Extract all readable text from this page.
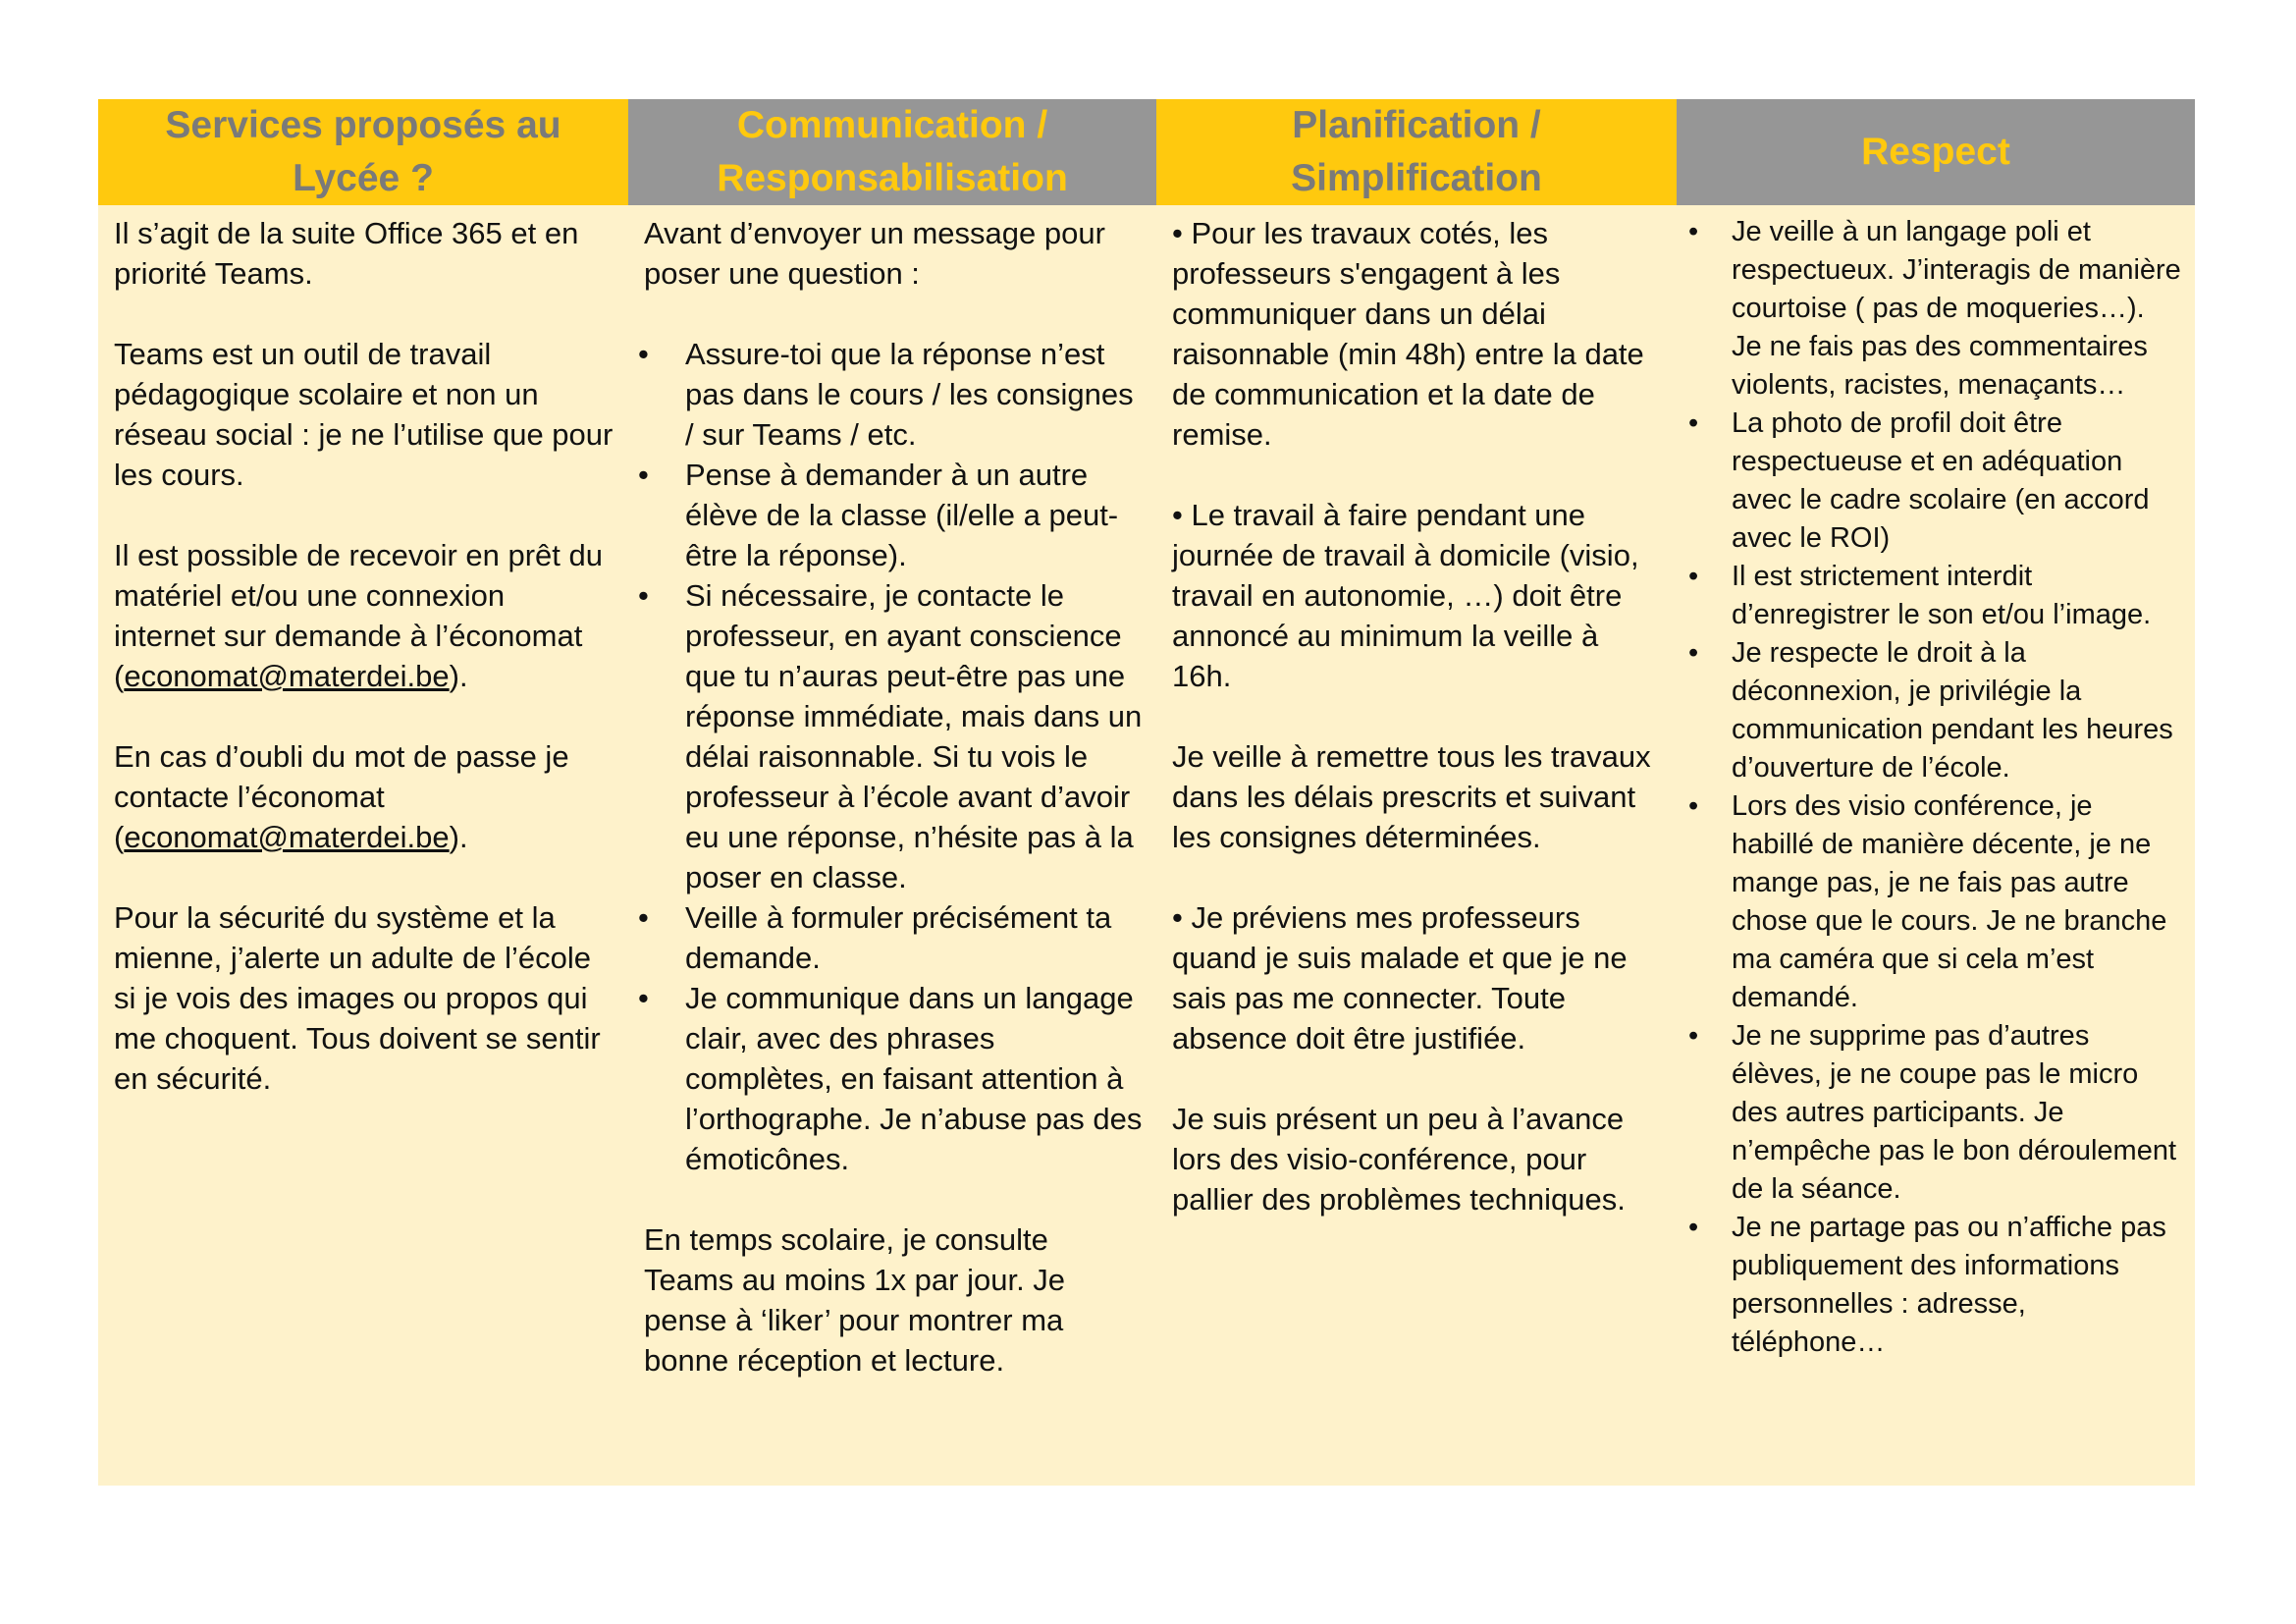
Services proposés au
Lycée ?
Communication /
Responsabilisation
Planification /
Simplification
Respect

Il s’agit de la suite Office 365 et en priorité Teams.

Teams est un outil de travail pédagogique scolaire et non un réseau social : je ne l’utilise que pour les cours.

Il est possible de recevoir en prêt du matériel et/ou une connexion internet sur demande à l’économat (economat@materdei.be).

En cas d’oubli du mot de passe je contacte l’économat (economat@materdei.be).

Pour la sécurité du système et la mienne, j’alerte un adulte de l’école si je vois des images ou propos qui me choquent. Tous doivent se sentir en sécurité.

Avant d’envoyer un message pour poser une question :

• Assure-toi que la réponse n’est pas dans le cours / les consignes / sur Teams / etc.
• Pense à demander à un autre élève de la classe (il/elle a peut-être la réponse).
• Si nécessaire, je contacte le professeur, en ayant conscience que tu n’auras peut-être pas une réponse immédiate, mais dans un délai raisonnable. Si tu vois le professeur à l’école avant d’avoir eu une réponse, n’hésite pas à la poser en classe.
• Veille à formuler précisément ta demande.
• Je communique dans un langage clair, avec des phrases complètes, en faisant attention à l’orthographe. Je n’abuse pas des émoticônes.

En temps scolaire, je consulte Teams au moins 1x par jour. Je pense à ‘liker’ pour montrer ma bonne réception et lecture.

• Pour les travaux cotés, les professeurs s'engagent à les communiquer dans un délai raisonnable (min 48h) entre la date de communication et la date de remise.

• Le travail à faire pendant une journée de travail à domicile (visio, travail en autonomie, …) doit être annoncé au minimum la veille à 16h.

Je veille à remettre tous les travaux dans les délais prescrits et suivant les consignes déterminées.

• Je préviens mes professeurs quand je suis malade et que je ne sais pas me connecter. Toute absence doit être justifiée.

Je suis présent un peu à l’avance lors des visio-conférence, pour pallier des problèmes techniques.

• Je veille à un langage poli et respectueux. J’interagis de manière courtoise ( pas de moqueries…). Je ne fais pas des commentaires violents, racistes, menaçants…
• La photo de profil doit être respectueuse et en adéquation avec le cadre scolaire (en accord avec le ROI)
• Il est strictement interdit d’enregistrer le son et/ou l’image.
• Je respecte le droit à la déconnexion, je privilégie la communication pendant les heures d’ouverture de l’école.
• Lors des visio conférence, je habillé de manière décente, je ne mange pas, je ne fais pas autre chose que le cours. Je ne branche ma caméra que si cela m’est demandé.
• Je ne supprime pas d’autres élèves, je ne coupe pas le micro des autres participants. Je n’empêche pas le bon déroulement de la séance.
• Je ne partage pas ou n’affiche pas publiquement des informations personnelles : adresse, téléphone…
